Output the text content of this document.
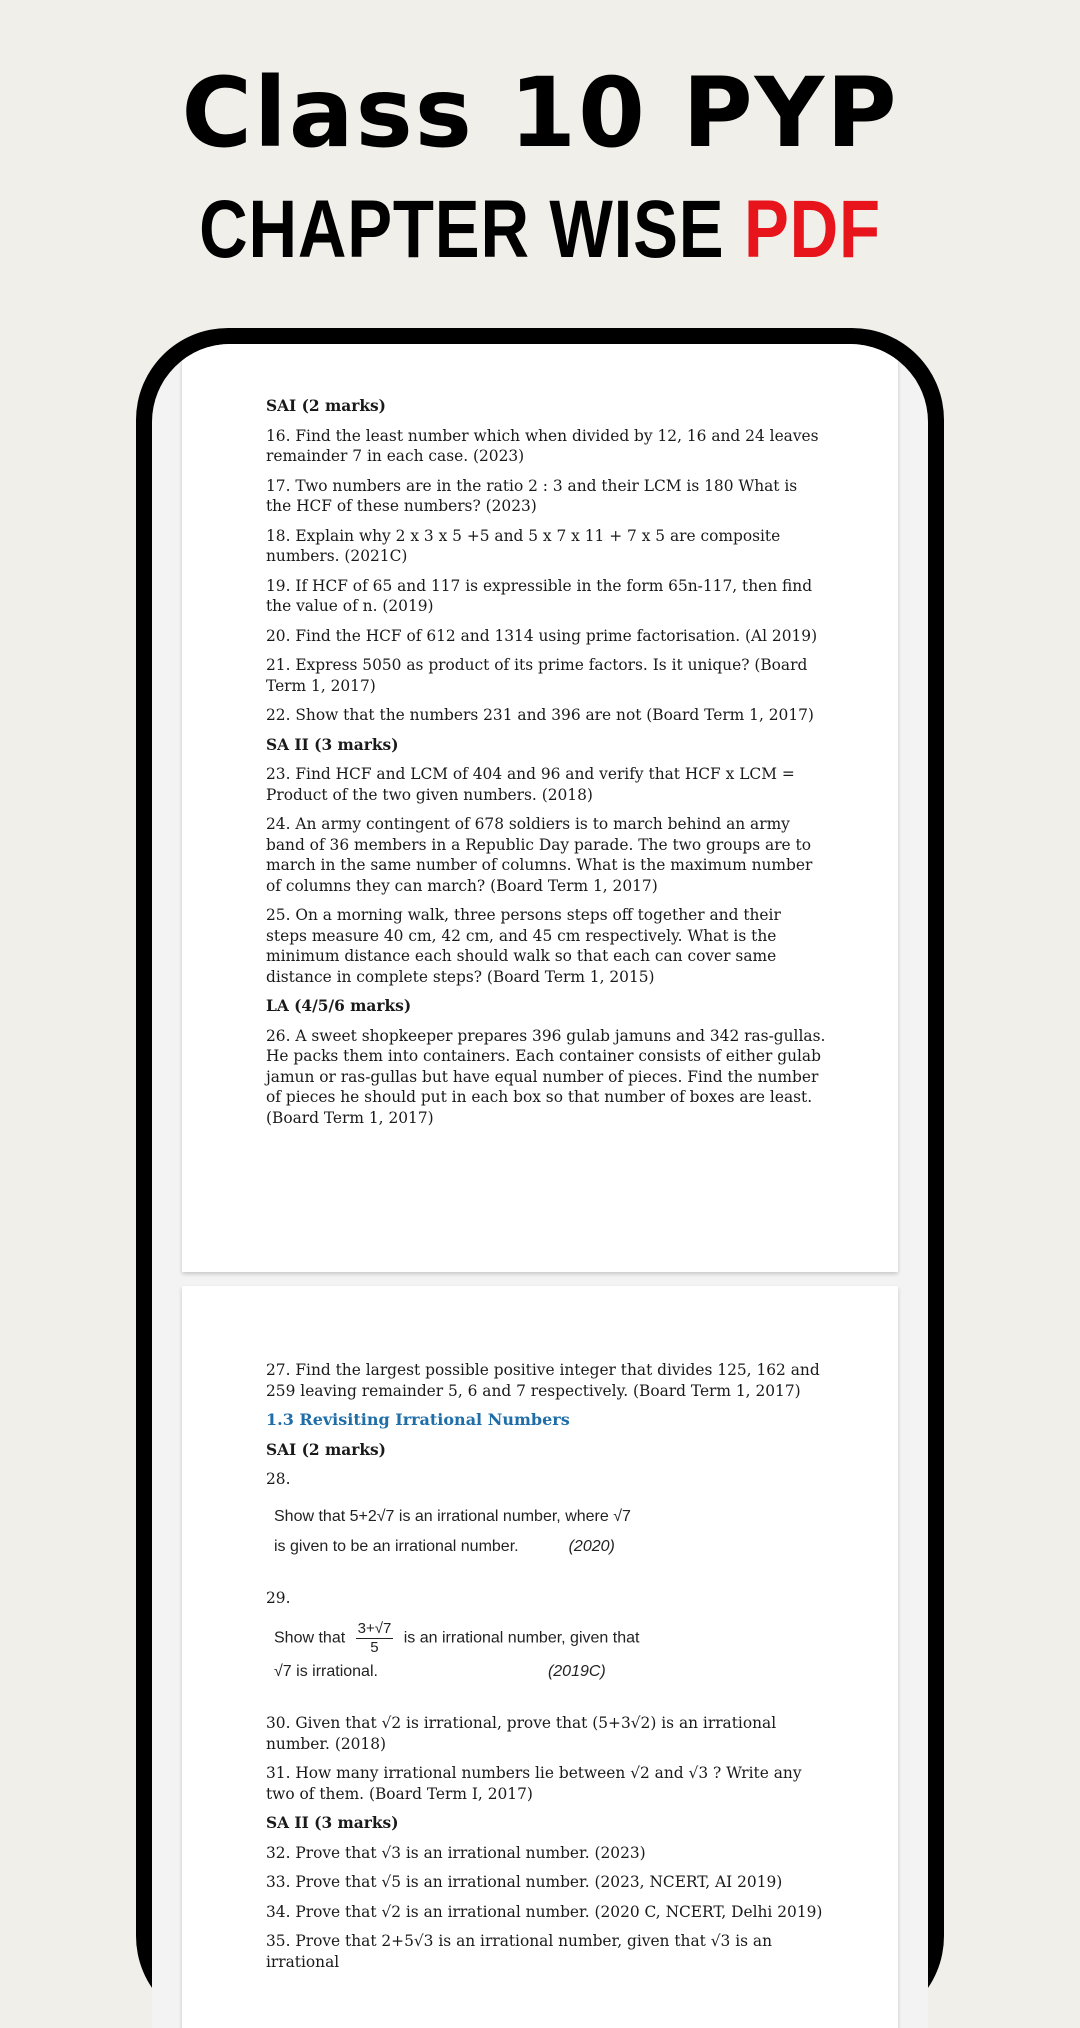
Class 10 PYP
CHAPTER WISE PDF
SAI (2 marks)
16. Find the least number which when divided by 12, 16 and 24 leaves remainder 7 in each case. (2023)
17. Two numbers are in the ratio 2 : 3 and their LCM is 180 What is the HCF of these numbers? (2023)
18. Explain why 2 x 3 x 5 +5 and 5 x 7 x 11 + 7 x 5 are composite numbers. (2021C)
19. If HCF of 65 and 117 is expressible in the form 65n-117, then find the value of n. (2019)
20. Find the HCF of 612 and 1314 using prime factorisation. (Al 2019)
21. Express 5050 as product of its prime factors. Is it unique? (Board Term 1, 2017)
22. Show that the numbers 231 and 396 are not (Board Term 1, 2017)
SA II (3 marks)
23. Find HCF and LCM of 404 and 96 and verify that HCF x LCM = Product of the two given numbers. (2018)
24. An army contingent of 678 soldiers is to march behind an army band of 36 members in a Republic Day parade. The two groups are to march in the same number of columns. What is the maximum number of columns they can march? (Board Term 1, 2017)
25. On a morning walk, three persons steps off together and their steps measure 40 cm, 42 cm, and 45 cm respectively. What is the minimum distance each should walk so that each can cover same distance in complete steps? (Board Term 1, 2015)
LA (4/5/6 marks)
26. A sweet shopkeeper prepares 396 gulab jamuns and 342 ras-gullas. He packs them into containers. Each container consists of either gulab jamun or ras-gullas but have equal number of pieces. Find the number of pieces he should put in each box so that number of boxes are least. (Board Term 1, 2017)
27. Find the largest possible positive integer that divides 125, 162 and 259 leaving remainder 5, 6 and 7 respectively. (Board Term 1, 2017)
1.3 Revisiting Irrational Numbers
SAI (2 marks)
28.
Show that 5+2√7 is an irrational number, where √7
is given to be an irrational number.	(2020)
29.
Show that $\frac{3+√7}{5}$ is an irrational number, given that
√7 is irrational.	(2019C)
30. Given that √2 is irrational, prove that (5+3√2) is an irrational number. (2018)
31. How many irrational numbers lie between √2 and √3 ? Write any two of them. (Board Term I, 2017)
SA II (3 marks)
32. Prove that √3 is an irrational number. (2023)
33. Prove that √5 is an irrational number. (2023, NCERT, AI 2019)
34. Prove that √2 is an irrational number. (2020 C, NCERT, Delhi 2019)
35. Prove that 2+5√3 is an irrational number, given that √3 is an irrational
